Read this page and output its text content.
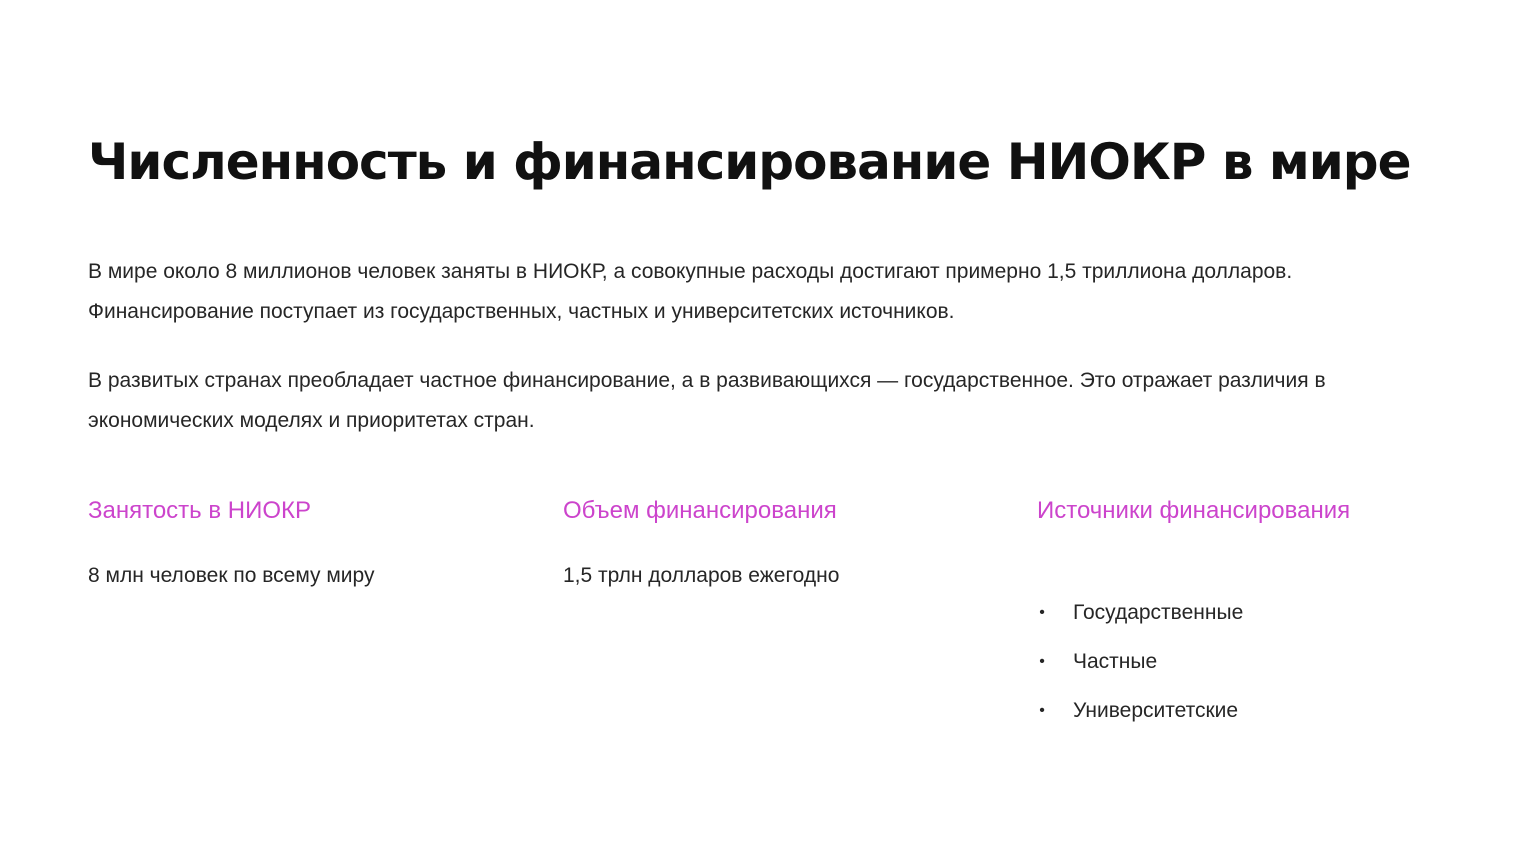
Численность и финансирование НИОКР в мире

В мире около 8 миллионов человек заняты в НИОКР, а совокупные расходы достигают примерно 1,5 триллиона долларов. Финансирование поступает из государственных, частных и университетских источников.

В развитых странах преобладает частное финансирование, а в развивающихся — государственное. Это отражает различия в экономических моделях и приоритетах стран.

Занятость в НИОКР

8 млн человек по всему миру

Объем финансирования

1,5 трлн долларов ежегодно

Источники финансирования
• Государственные
• Частные
• Университетские
